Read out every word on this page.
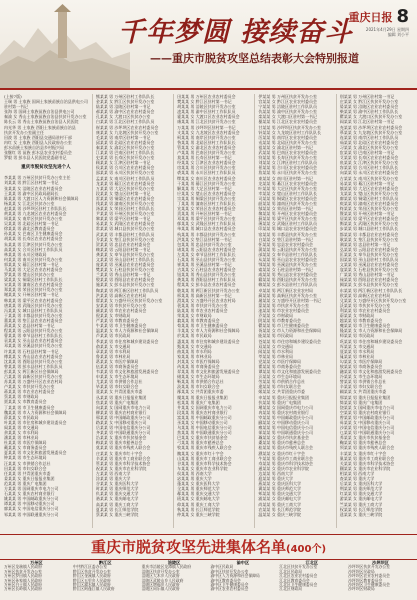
千年梦圆 接续奋斗
——重庆市脱贫攻坚总结表彰大会特别报道
重庆日报 8
2021年4月29日 星期四
编辑 刘小平
(上接7版)
王瑞 男 土家族 国网土家族苗族自治县供电公司
驻村第一书记
张海 男 国网土家族苗族自治县供电公司
秦渝 女 秀山土家族苗族自治县扶贫开发办公室
陈长云 男 秀山土家族苗族自治县人民医院
冉光华 男 土家族 酉阳土家族苗族自治县
扶贫开发办公室副主任
田波 男 土家族 酉阳县交通局驻村干部
冉红 女 土家族 酉阳县人民政府办公室
彭水苗族土家族自治县乡村振兴局
张继红 男 苗族 彭水县农业农村委员会
罗毅 男 彭水县人民医院党委副书记
重庆市脱贫攻坚先进个人
李某某 男 万州区扶贫开发办公室主任
刘某某 男 黔江区驻村第一书记
张某某 女 涪陵区农业农村委员会
王某某 男 渝中区民政局副局长
陈某某 男 大渡口区人力资源和社会保障局
杨某某 女 江北区扶贫办公室
赵某某 男 沙坪坝区驻村工作队队长
黄某某 男 九龙坡区农业农村委员会
周某某 女 南岸区扶贫开发办公室
吴某某 男 北碚区驻村第一书记
徐某某 男 渝北区教育委员会
孙某某 女 巴南区卫生健康委员会
胡某某 男 长寿区农业农村委员会
朱某某 男 江津区扶贫开发办公室
高某某 女 合川区驻村工作队队员
林某某 男 永川区财政局
何某某 男 南川区扶贫开发办公室
郭某某 女 綦江区驻村第一书记
马某某 男 大足区农业农村委员会
罗某某 男 璧山区扶贫办公室
梁某某 女 铜梁区驻村工作队队长
宋某某 男 潼南区农业农村委员会
郑某某 男 荣昌区扶贫开发办公室
谢某某 女 开州区驻村第一书记
韩某某 男 梁平区农业农村委员会
唐某某 男 武隆区扶贫开发办公室
冯某某 女 城口县驻村工作队队员
于某某 男 丰都县扶贫开发办公室
董某某 男 垫江县农业农村委员会
萧某某 女 忠县驻村第一书记
程某某 男 云阳县扶贫开发办公室
曹某某 男 奉节县驻村工作队队长
袁某某 女 巫山县农业农村委员会
邓某某 男 巫溪县扶贫开发办公室
许某某 男 石柱县驻村第一书记
傅某某 女 秀山县农业农村委员会
沈某某 男 酉阳县扶贫开发办公室
曾某某 男 彭水县驻村工作队队员
彭某某 女 两江新区社会保障局
吕某某 男 高新区扶贫开发办公室
苏某某 男 万盛经开区农业农村局
卢某某 女 市扶贫开发办公室
蒋某某 男 市农业农村委员会
蔡某某 男 市财政局
贾某某 女 市教育委员会
丁某某 男 市卫生健康委员会
魏某某 男 市人力资源和社会保障局
薛某某 女 市民政局
叶某某 男 市住房和城乡建设委员会
阎某某 男 市交通局
余某某 女 市水利局
潘某某 男 市林业局
杜某某 男 市医疗保障局
戴某某 女 市商务委员会
夏某某 男 市文化和旅游发展委员会
钟某某 男 市生态环境局
汪某某 女 市供销合作总社
田某某 男 市妇女联合会
任某某 男 共青团重庆市委
姜某某 女 重庆日报报业集团
范某某 男 重庆广电集团
方某某 男 国网重庆市电力公司
石某某 女 重庆农村商业银行
姚某某 男 中国邮政重庆分公司
谭某某 男 中国移动重庆公司
廖某某 女 中国电信重庆分公司
邹某某 男 中国联通重庆分公司
熊某某 男 万州区驻村工作队队长
金某某 女 黔江区扶贫开发办公室
陆某某 男 涪陵区驻村第一书记
郝某某 男 渝中区农业农村委员会
孔某某 女 大渡口区扶贫办公室
白某某 男 江北区驻村工作队队员
崔某某 男 沙坪坝区农业农村委员会
康某某 女 九龙坡区扶贫开发办公室
毛某某 男 南岸区驻村第一书记
邱某某 男 北碚区农业农村委员会
秦某某 女 渝北区扶贫开发办公室
江某某 男 巴南区驻村工作队队长
史某某 男 长寿区扶贫开发办公室
顾某某 女 江津区驻村第一书记
侯某某 男 合川区农业农村委员会
邵某某 男 永川区扶贫开发办公室
孟某某 女 南川区驻村工作队队员
龙某某 男 綦江区农业农村委员会
万某某 男 大足区扶贫开发办公室
段某某 女 璧山区驻村第一书记
雷某某 男 铜梁区农业农村委员会
钱某某 男 潼南区扶贫开发办公室
汤某某 女 荣昌区驻村工作队队长
尹某某 男 开州区扶贫开发办公室
黎某某 男 梁平区驻村第一书记
易某某 女 武隆区农业农村委员会
常某某 男 城口县扶贫开发办公室
武某某 男 丰都县驻村工作队队员
乔某某 女 垫江县扶贫开发办公室
贺某某 男 忠县农业农村委员会
赖某某 男 云阳县驻村第一书记
龚某某 女 奉节县扶贫开发办公室
文某某 男 巫山县驻村工作队队长
庞某某 男 巫溪县农业农村委员会
樊某某 女 石柱县扶贫开发办公室
兰某某 男 秀山县驻村第一书记
殷某某 男 酉阳县农业农村委员会
施某某 女 彭水县扶贫开发办公室
陶某某 男 两江新区驻村工作队队员
洪某某 男 高新区农业农村局
翟某某 女 万盛经开区扶贫开发办公室
安某某 男 市扶贫开发办公室
颜某某 男 市农业农村委员会
倪某某 女 市财政局
严某某 男 市教育委员会
牛某某 男 市卫生健康委员会
温某某 女 市人力资源和社会保障局
芦某某 男 市民政局
季某某 男 市住房和城乡建设委员会
俞某某 女 市交通局
章某某 男 市水利局
鲁某某 男 市林业局
葛某某 女 市医疗保障局
伍某某 男 市商务委员会
韦某某 男 市文化和旅游发展委员会
申某某 女 市生态环境局
尤某某 男 市供销合作总社
毕某某 男 市妇女联合会
聂某某 女 共青团重庆市委
丛某某 男 重庆日报报业集团
焦某某 男 重庆广电集团
向某某 女 国网重庆市电力公司
柳某某 男 重庆农村商业银行
邢某某 男 中国邮政重庆分公司
路某某 女 中国移动重庆公司
岳某某 男 中国电信重庆分公司
齐某某 男 中国联通重庆分公司
沿某某 女 重庆市扶贫基金会
梅某某 男 重庆市慈善总会
莫某某 男 重庆市残疾人联合会
庄某某 女 重庆市红十字会
辛某某 男 重庆市工商业联合会
管某某 男 重庆市科学技术协会
祝某某 女 重庆市农业科学院
左某某 男 西南大学
涂某某 男 重庆大学
谷某某 女 重庆医科大学
时某某 男 重庆师范大学
仇某某 男 重庆交通大学
骆某某 女 重庆邮电大学
高某某 男 重庆工商大学
夏某某 男 长江师范学院
蔡某某 女 重庆三峡学院
田某某 男 万州区农业农村委员会
樊某某 女 黔江区驻村第一书记
胡某某 男 涪陵区扶贫开发办公室
凌某某 男 渝中区驻村工作队队员
霍某某 女 大渡口区农业农村委员会
虞某某 男 江北区扶贫开发办公室
万某某 男 沙坪坝区驻村第一书记
支某某 女 九龙坡区农业农村委员会
柯某某 男 南岸区扶贫开发办公室
昝某某 男 北碚区驻村工作队队长
管某某 女 渝北区农业农村委员会
卢某某 男 巴南区扶贫开发办公室
莫某某 男 长寿区驻村第一书记
经某某 女 江津区农业农村委员会
房某某 男 合川区扶贫开发办公室
裘某某 男 永川区驻村工作队队员
缪某某 女 南川区农业农村委员会
干某某 男 綦江区扶贫开发办公室
解某某 男 大足区驻村第一书记
应某某 女 璧山区农业农村委员会
宗某某 男 铜梁区扶贫开发办公室
丁某某 男 潼南区驻村工作队队长
宣某某 女 荣昌区农业农村委员会
贲某某 男 开州区驻村第一书记
邓某某 男 梁平区扶贫开发办公室
郁某某 女 武隆区驻村工作队队员
单某某 男 城口县农业农村委员会
杭某某 男 丰都县扶贫开发办公室
洪某某 女 垫江县驻村第一书记
包某某 男 忠县扶贫开发办公室
诸某某 男 云阳县农业农村委员会
左某某 女 奉节县驻村工作队队长
石某某 男 巫山县扶贫开发办公室
崔某某 男 巫溪县驻村第一书记
吉某某 女 石柱县农业农村委员会
钮某某 男 秀山县扶贫开发办公室
龚某某 男 酉阳县驻村工作队队员
程某某 女 彭水县农业农村委员会
嵇某某 男 两江新区扶贫开发办公室
邢某某 男 高新区驻村第一书记
滑某某 女 万盛经开区农业农村局
裴某某 男 市扶贫开发办公室
陆某某 男 市农业农村委员会
荣某某 女 市财政局
翁某某 男 市教育委员会
荀某某 男 市卫生健康委员会
羊某某 女 市人力资源和社会保障局
於某某 男 市民政局
惠某某 男 市住房和城乡建设委员会
甄某某 女 市交通局
曲某某 男 市水利局
家某某 男 市林业局
封某某 女 市医疗保障局
芮某某 男 市商务委员会
羿某某 男 市文化和旅游发展委员会
储某某 女 市生态环境局
靳某某 男 市供销合作总社
汲某某 男 市妇女联合会
邴某某 女 共青团重庆市委
糜某某 男 重庆日报报业集团
松某某 男 重庆广电集团
井某某 女 国网重庆市电力公司
段某某 男 重庆农村商业银行
富某某 男 中国邮政重庆分公司
巫某某 女 中国移动重庆公司
乌某某 男 中国电信重庆分公司
焦某某 男 中国联通重庆分公司
巴某某 女 重庆市扶贫基金会
弓某某 男 重庆市慈善总会
牧某某 男 重庆市残疾人联合会
隗某某 女 重庆市红十字会
山某某 男 重庆市工商业联合会
谷某某 男 重庆市科学技术协会
车某某 女 重庆市农业科学院
侯某某 男 西南大学
宓某某 男 重庆大学
蓬某某 女 重庆医科大学
全某某 男 重庆师范大学
郗某某 男 重庆交通大学
班某某 女 重庆邮电大学
仰某某 男 重庆工商大学
秋某某 男 长江师范学院
仲某某 女 重庆三峡学院
伊某某 男 万州区扶贫开发办公室
宫某某 女 黔江区农业农村委员会
宁某某 男 涪陵区驻村工作队队员
仇某某 男 渝中区扶贫开发办公室
栾某某 女 大渡口区驻村第一书记
暴某某 男 江北区农业农村委员会
甘某某 男 沙坪坝区扶贫开发办公室
钭某某 女 九龙坡区驻村工作队队长
厉某某 男 南岸区农业农村委员会
戎某某 男 北碚区扶贫开发办公室
祖某某 女 渝北区驻村第一书记
武某某 男 巴南区农业农村委员会
符某某 男 长寿区扶贫开发办公室
刘某某 女 江津区驻村工作队队员
景某某 男 合川区农业农村委员会
詹某某 男 永川区扶贫开发办公室
束某某 女 南川区驻村第一书记
龙某某 男 綦江区农业农村委员会
叶某某 男 大足区扶贫开发办公室
幸某某 女 璧山区驻村工作队队长
司某某 男 铜梁区农业农村委员会
韶某某 男 潼南区扶贫开发办公室
郜某某 女 荣昌区驻村第一书记
黎某某 男 开州区农业农村委员会
蓟某某 男 梁平区扶贫开发办公室
薄某某 女 武隆区驻村工作队队员
印某某 男 城口县农业农村委员会
宿某某 男 丰都县扶贫开发办公室
白某某 女 垫江县驻村第一书记
怀某某 男 忠县农业农村委员会
蒲某某 男 云阳县扶贫开发办公室
邰某某 女 奉节县驻村工作队队长
从某某 男 巫山县农业农村委员会
鄂某某 男 巫溪县扶贫开发办公室
索某某 女 石柱县驻村第一书记
咸某某 男 秀山县农业农村委员会
籍某某 男 酉阳县扶贫开发办公室
赖某某 女 彭水县驻村工作队队员
卓某某 男 两江新区农业农村局
蔺某某 男 高新区扶贫开发办公室
屠某某 女 万盛经开区驻村第一书记
蒙某某 男 市扶贫开发办公室
池某某 男 市农业农村委员会
乔某某 女 市财政局
阴某某 男 市教育委员会
鬱某某 男 市卫生健康委员会
胥某某 女 市人力资源和社会保障局
能某某 男 市民政局
苍某某 男 市住房和城乡建设委员会
双某某 女 市交通局
闻某某 男 市水利局
莘某某 男 市林业局
党某某 女 市医疗保障局
翟某某 男 市商务委员会
谭某某 男 市文化和旅游发展委员会
贡某某 女 市生态环境局
劳某某 男 市供销合作总社
逄某某 男 市妇女联合会
姬某某 女 共青团重庆市委
申某某 男 重庆日报报业集团
扶某某 男 重庆广电集团
堵某某 女 国网重庆市电力公司
冉某某 男 重庆农村商业银行
宰某某 男 中国邮政重庆分公司
郦某某 女 中国移动重庆公司
雍某某 男 中国电信重庆分公司
郤某某 男 中国联通重庆分公司
璩某某 女 重庆市扶贫基金会
桑某某 男 重庆市慈善总会
桂某某 男 重庆市残疾人联合会
濮某某 女 重庆市红十字会
牛某某 男 重庆市工商业联合会
寿某某 男 重庆市科学技术协会
通某某 女 重庆市农业科学院
边某某 男 西南大学
扈某某 男 重庆大学
燕某某 女 重庆医科大学
冀某某 男 重庆师范大学
郏某某 男 重庆交通大学
浦某某 女 重庆邮电大学
尚某某 男 重庆工商大学
农某某 男 长江师范学院
温某某 女 重庆三峡学院
别某某 男 万州区驻村第一书记
庄某某 女 黔江区扶贫开发办公室
晏某某 男 涪陵区农业农村委员会
柴某某 男 渝中区驻村工作队队长
瞿某某 女 大渡口区扶贫开发办公室
阎某某 男 江北区驻村第一书记
充某某 男 沙坪坝区农业农村委员会
慕某某 女 九龙坡区扶贫开发办公室
连某某 男 南岸区驻村工作队队员
茹某某 男 北碚区农业农村委员会
习某某 女 渝北区扶贫开发办公室
宦某某 男 巴南区驻村第一书记
艾某某 男 长寿区农业农村委员会
鱼某某 女 江津区扶贫开发办公室
容某某 男 合川区驻村工作队队长
向某某 男 永川区农业农村委员会
古某某 女 南川区扶贫开发办公室
易某某 男 綦江区驻村第一书记
慎某某 男 大足区农业农村委员会
戈某某 女 璧山区扶贫开发办公室
廖某某 男 铜梁区驻村工作队队员
庾某某 男 潼南区农业农村委员会
终某某 女 荣昌区扶贫开发办公室
暨某某 男 开州区驻村第一书记
居某某 男 梁平区农业农村委员会
衡某某 女 武隆区扶贫开发办公室
步某某 男 城口县驻村工作队队长
都某某 男 丰都县农业农村委员会
耿某某 女 垫江县扶贫开发办公室
满某某 男 忠县驻村第一书记
弘某某 男 云阳县农业农村委员会
匡某某 女 奉节县扶贫开发办公室
国某某 男 巫山县驻村工作队队员
文某某 男 巫溪县农业农村委员会
寇某某 女 石柱县扶贫开发办公室
广某某 男 秀山县驻村第一书记
禄某某 男 酉阳县农业农村委员会
阙某某 女 彭水县扶贫开发办公室
东某某 男 两江新区驻村工作队队长
欧某某 男 高新区农业农村局
殳某某 女 万盛经开区扶贫开发办公室
沃某某 男 市扶贫开发办公室
利某某 男 市农业农村委员会
蔚某某 女 市财政局
越某某 男 市教育委员会
夔某某 男 市卫生健康委员会
隆某某 女 市人力资源和社会保障局
师某某 男 市民政局
巩某某 男 市住房和城乡建设委员会
厍某某 女 市交通局
聂某某 男 市水利局
晁某某 男 市林业局
勾某某 女 市医疗保障局
敖某某 男 市商务委员会
融某某 男 市文化和旅游发展委员会
冷某某 女 市生态环境局
訾某某 男 市供销合作总社
辛某某 男 市妇女联合会
阚某某 女 共青团重庆市委
那某某 男 重庆日报报业集团
简某某 男 重庆广电集团
饶某某 女 国网重庆市电力公司
空某某 男 重庆农村商业银行
曾某某 男 中国邮政重庆分公司
毋某某 女 中国移动重庆公司
沙某某 男 中国电信重庆分公司
乜某某 男 中国联通重庆分公司
养某某 女 重庆市扶贫基金会
鞠某某 男 重庆市慈善总会
须某某 男 重庆市残疾人联合会
丰某某 女 重庆市红十字会
巢某某 男 重庆市工商业联合会
关某某 男 重庆市科学技术协会
蒯某某 女 重庆市农业科学院
相某某 男 西南大学
查某某 男 重庆大学
后某某 女 重庆医科大学
荆某某 男 重庆师范大学
红某某 男 重庆交通大学
游某某 女 重庆邮电大学
竺某某 男 重庆工商大学
权某某 男 长江师范学院
逯某某 女 重庆三峡学院
重庆市脱贫攻坚先进集体名单(400个)
万州区
万州区龙驹镇人民政府
万州区扶贫开发办公室
万州区罗田镇人民政府
万州区孙家镇人民政府
万州区白土镇人民政府
万州区长岭镇人民政府
黔江区
中共黔江区委办公室
黔江区扶贫开发办公室
黔江区金溪镇人民政府
黔江区五里乡人民政府
黔江区濯水镇人民政府
黔江区阿蓬江镇人民政府
涪陵区
重庆市涪陵区龙潭镇人民政府
涪陵区扶贫开发办公室
涪陵区大木乡人民政府
涪陵区武陵山乡人民政府
涪陵区增福乡人民政府
涪陵区同乐镇人民政府
渝中区
渝中区民政局
渝中区扶贫开发办公室
渝中区人力资源和社会保障局
渝中区教育委员会
渝中区卫生健康委员会
渝中区农业农村委员会
江北区
江北区扶贫开发办公室
江北区民政局
江北区农业农村委员会
江北区教育委员会
江北区卫生健康委员会
江北区财政局
沙坪坝区
沙坪坝区扶贫开发办公室
沙坪坝区民政局
沙坪坝区农业农村委员会
沙坪坝区教育委员会
沙坪坝区卫生健康委员会
沙坪坝区财政局
